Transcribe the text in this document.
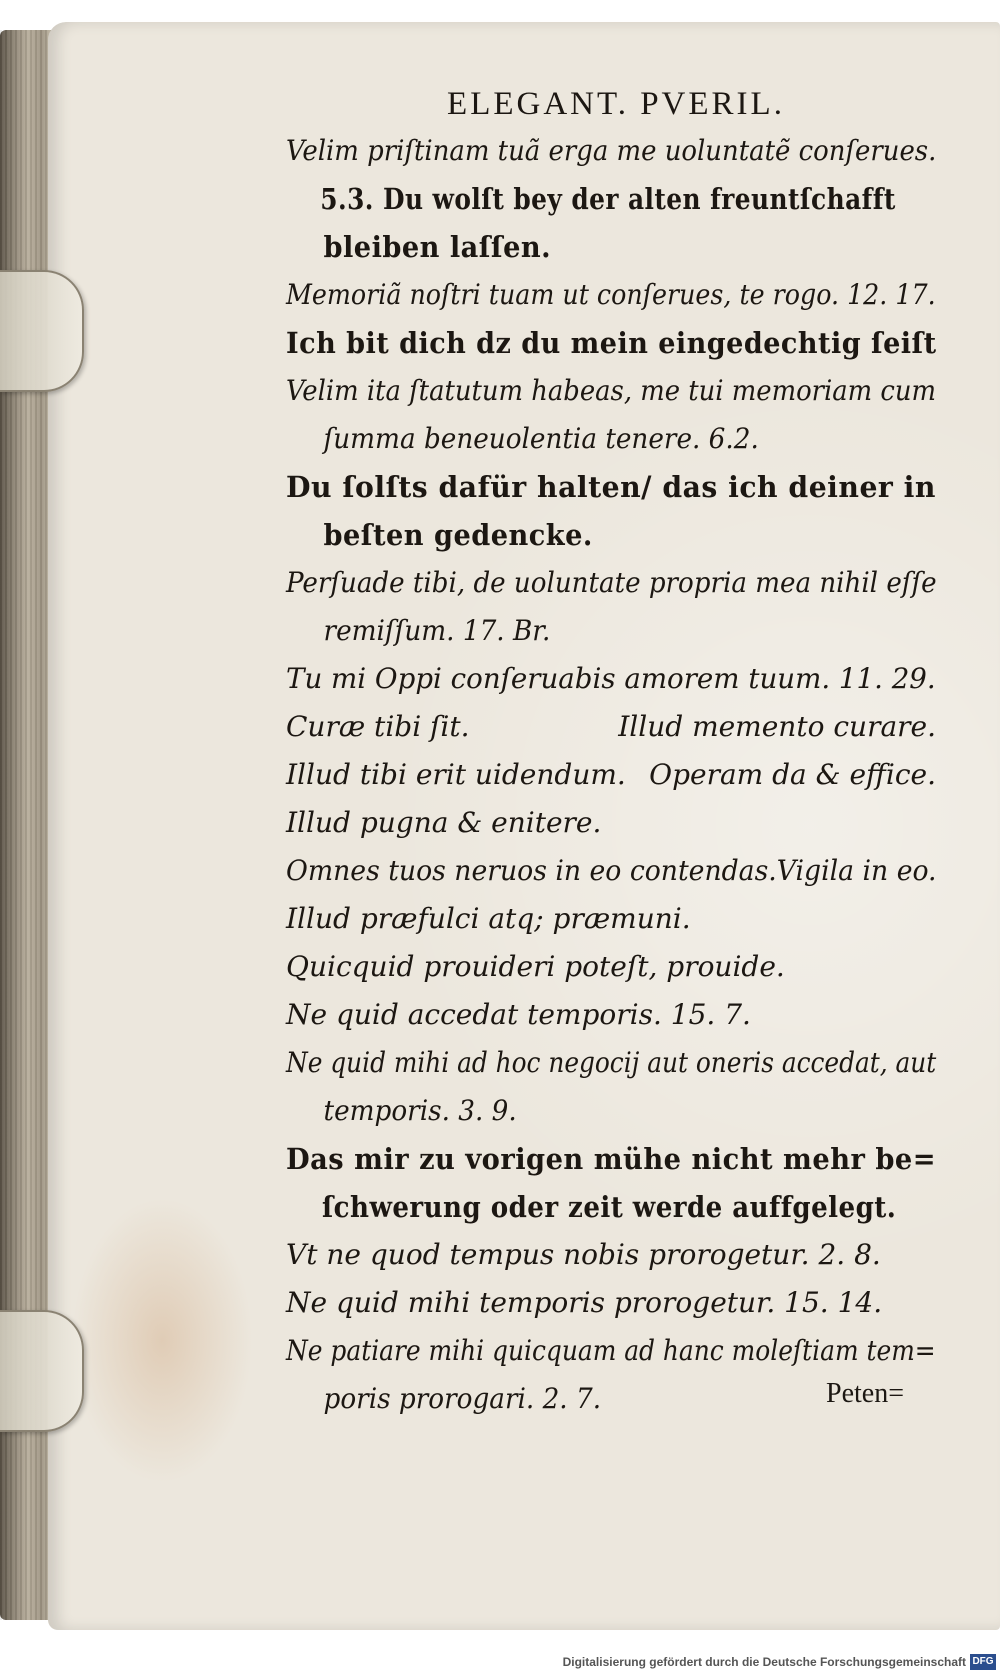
ELEGANT. PVERIL.

Velim priſtinam tuã erga me uoluntatẽ conſerues.

5.3. Du wolſt bey der alten freuntſchafft

bleiben laſſen.

Memoriã noſtri tuam ut conſerues, te rogo. 12. 17.

Ich bit dich dz du mein eingedechtig ſeiſt

Velim ita ſtatutum habeas, me tui memoriam cum

ſumma beneuolentia tenere. 6.2.

Du ſolſts dafür halten/ das ich deiner in

beſten gedencke.

Perſuade tibi, de uoluntate propria mea nihil eſſe

remiſſum. 17. Br.

Tu mi Oppi conſeruabis amorem tuum. 11. 29.

Curæ tibi ſit.	Illud memento curare.

Illud tibi erit uidendum. Operam da & effice.

Illud pugna & enitere.

Omnes tuos neruos in eo contendas. Vigila in eo.

Illud præfulci atq; præmuni.

Quicquid prouideri poteſt, prouide.

Ne quid accedat temporis. 15. 7.

Ne quid mihi ad hoc negocij aut oneris accedat, aut

temporis. 3. 9.

Das mir zu vorigen mühe nicht mehr be=

ſchwerung oder zeit werde auffgelegt.

Vt ne quod tempus nobis prorogetur. 2. 8.

Ne quid mihi temporis prorogetur. 15. 14.

Ne patiare mihi quicquam ad hanc moleſtiam tem=

poris prorogari. 2. 7.	Peten=
Digitalisierung gefördert durch die Deutsche Forschungsgemeinschaft DFG
